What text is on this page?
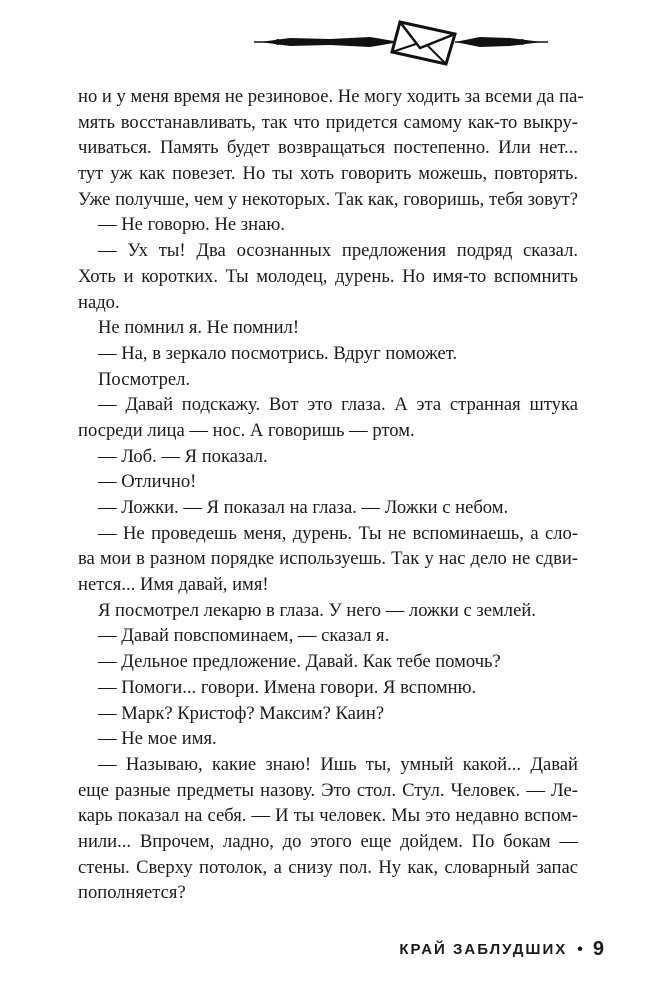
но и у меня время не резиновое. Не могу ходить за всеми да па-
мять восстанавливать, так что придется самому как-то выкру-
чиваться. Память будет возвращаться постепенно. Или нет...
тут уж как повезет. Но ты хоть говорить можешь, повторять.
Уже получше, чем у некоторых. Так как, говоришь, тебя зовут?
— Не говорю. Не знаю.
— Ух ты! Два осознанных предложения подряд сказал.
Хоть и коротких. Ты молодец, дурень. Но имя-то вспомнить
надо.
Не помнил я. Не помнил!
— На, в зеркало посмотрись. Вдруг поможет.
Посмотрел.
— Давай подскажу. Вот это глаза. А эта странная штука
посреди лица — нос. А говоришь — ртом.
— Лоб. — Я показал.
— Отлично!
— Ложки. — Я показал на глаза. — Ложки с небом.
— Не проведешь меня, дурень. Ты не вспоминаешь, а сло-
ва мои в разном порядке используешь. Так у нас дело не сдви-
нется... Имя давай, имя!
Я посмотрел лекарю в глаза. У него — ложки с землей.
— Давай повспоминаем, — сказал я.
— Дельное предложение. Давай. Как тебе помочь?
— Помоги... говори. Имена говори. Я вспомню.
— Марк? Кристоф? Максим? Каин?
— Не мое имя.
— Называю, какие знаю! Ишь ты, умный какой... Давай
еще разные предметы назову. Это стол. Стул. Человек. — Ле-
карь показал на себя. — И ты человек. Мы это недавно вспом-
нили... Впрочем, ладно, до этого еще дойдем. По бокам —
стены. Сверху потолок, а снизу пол. Ну как, словарный запас
пополняется?
КРАЙ ЗАБЛУДШИХ • 9
